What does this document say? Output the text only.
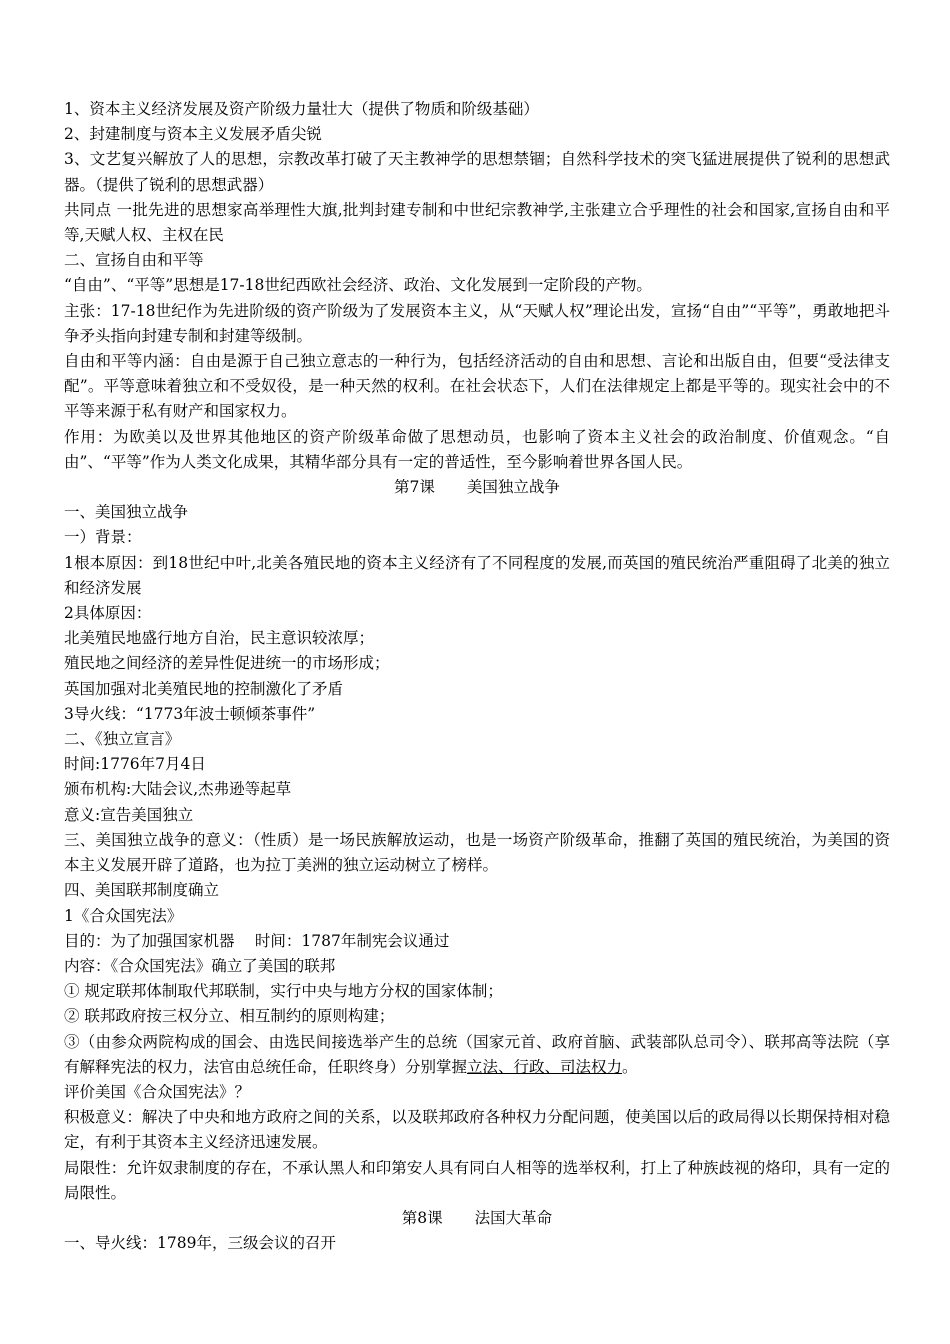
1、资本主义经济发展及资产阶级力量壮大（提供了物质和阶级基础）

2、封建制度与资本主义发展矛盾尖锐

3、文艺复兴解放了人的思想，宗教改革打破了天主教神学的思想禁锢；自然科学技术的突飞猛进展提供了锐利的思想武器。（提供了锐利的思想武器）

共同点 一批先进的思想家高举理性大旗,批判封建专制和中世纪宗教神学,主张建立合乎理性的社会和国家,宣扬自由和平等,天赋人权、主权在民

二、宣扬自由和平等

“自由”、“平等”思想是17-18世纪西欧社会经济、政治、文化发展到一定阶段的产物。

主张：17-18世纪作为先进阶级的资产阶级为了发展资本主义，从“天赋人权”理论出发，宣扬“自由”“平等”，勇敢地把斗争矛头指向封建专制和封建等级制。

自由和平等内涵：自由是源于自己独立意志的一种行为，包括经济活动的自由和思想、言论和出版自由，但要“受法律支配”。平等意味着独立和不受奴役，是一种天然的权利。在社会状态下，人们在法律规定上都是平等的。现实社会中的不平等来源于私有财产和国家权力。

作用：为欧美以及世界其他地区的资产阶级革命做了思想动员，也影响了资本主义社会的政治制度、价值观念。“自由”、“平等”作为人类文化成果，其精华部分具有一定的普适性，至今影响着世界各国人民。

第7课 美国独立战争

一、美国独立战争

一）背景：

1根本原因：到18世纪中叶,北美各殖民地的资本主义经济有了不同程度的发展,而英国的殖民统治严重阻碍了北美的独立和经济发展

2具体原因：

北美殖民地盛行地方自治，民主意识较浓厚；

殖民地之间经济的差异性促进统一的市场形成；

英国加强对北美殖民地的控制激化了矛盾

3导火线：“1773年波士顿倾茶事件”

二、《独立宣言》

时间:1776年7月4日

颁布机构:大陆会议,杰弗逊等起草

意义:宣告美国独立

三、美国独立战争的意义：（性质）是一场民族解放运动，也是一场资产阶级革命，推翻了英国的殖民统治，为美国的资本主义发展开辟了道路，也为拉丁美洲的独立运动树立了榜样。

四、美国联邦制度确立

1《合众国宪法》

目的：为了加强国家机器　 时间：1787年制宪会议通过

内容：《合众国宪法》确立了美国的联邦

① 规定联邦体制取代邦联制，实行中央与地方分权的国家体制；

② 联邦政府按三权分立、相互制约的原则构建；

③（由参众两院构成的国会、由选民间接选举产生的总统（国家元首、政府首脑、武装部队总司令）、联邦高等法院（享有解释宪法的权力，法官由总统任命，任职终身）分别掌握立法、行政、司法权力。

评价美国《合众国宪法》？

积极意义：解决了中央和地方政府之间的关系，以及联邦政府各种权力分配问题，使美国以后的政局得以长期保持相对稳定，有利于其资本主义经济迅速发展。

局限性：允许奴隶制度的存在，不承认黑人和印第安人具有同白人相等的选举权利，打上了种族歧视的烙印，具有一定的局限性。

第8课 法国大革命

一、导火线：1789年，三级会议的召开
